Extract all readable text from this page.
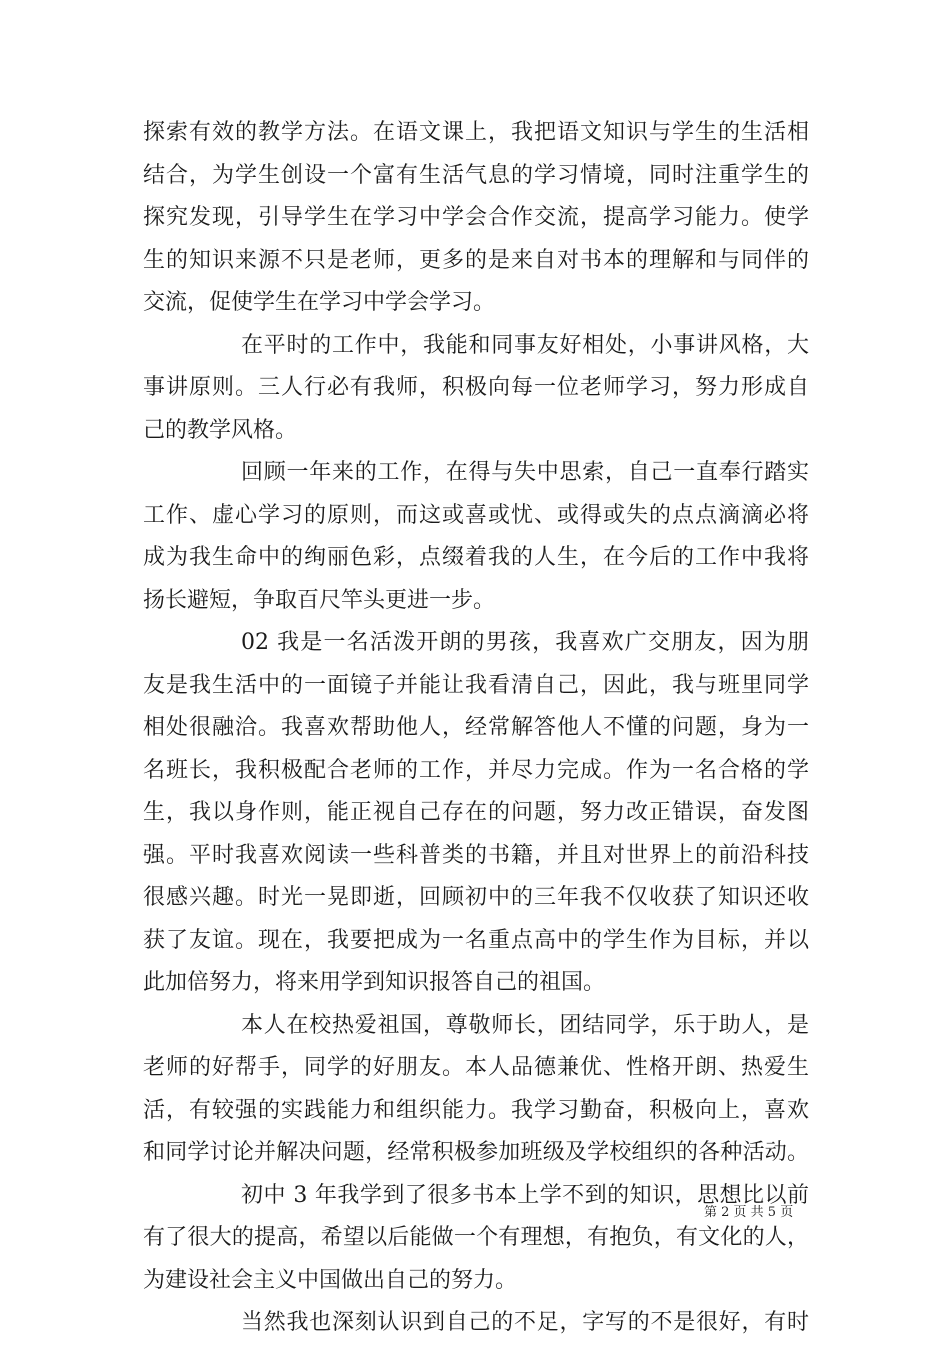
探索有效的教学方法。在语文课上，我把语文知识与学生的生活相
结合，为学生创设一个富有生活气息的学习情境，同时注重学生的
探究发现，引导学生在学习中学会合作交流，提高学习能力。使学
生的知识来源不只是老师，更多的是来自对书本的理解和与同伴的
交流，促使学生在学习中学会学习。
在平时的工作中，我能和同事友好相处，小事讲风格，大
事讲原则。三人行必有我师，积极向每一位老师学习，努力形成自
己的教学风格。
回顾一年来的工作，在得与失中思索，自己一直奉行踏实
工作、虚心学习的原则，而这或喜或忧、或得或失的点点滴滴必将
成为我生命中的绚丽色彩，点缀着我的人生，在今后的工作中我将
扬长避短，争取百尺竿头更进一步。
02 我是一名活泼开朗的男孩，我喜欢广交朋友，因为朋
友是我生活中的一面镜子并能让我看清自己，因此，我与班里同学
相处很融洽。我喜欢帮助他人，经常解答他人不懂的问题，身为一
名班长，我积极配合老师的工作，并尽力完成。作为一名合格的学
生，我以身作则，能正视自己存在的问题，努力改正错误，奋发图
强。平时我喜欢阅读一些科普类的书籍，并且对世界上的前沿科技
很感兴趣。时光一晃即逝，回顾初中的三年我不仅收获了知识还收
获了友谊。现在，我要把成为一名重点高中的学生作为目标，并以
此加倍努力，将来用学到知识报答自己的祖国。
本人在校热爱祖国，尊敬师长，团结同学，乐于助人，是
老师的好帮手，同学的好朋友。本人品德兼优、性格开朗、热爱生
活，有较强的实践能力和组织能力。我学习勤奋，积极向上，喜欢
和同学讨论并解决问题，经常积极参加班级及学校组织的各种活动。
初中 3 年我学到了很多书本上学不到的知识，思想比以前
有了很大的提高，希望以后能做一个有理想，有抱负，有文化的人，
为建设社会主义中国做出自己的努力。
当然我也深刻认识到自己的不足，字写的不是很好，有时
第 2 页 共 5 页
